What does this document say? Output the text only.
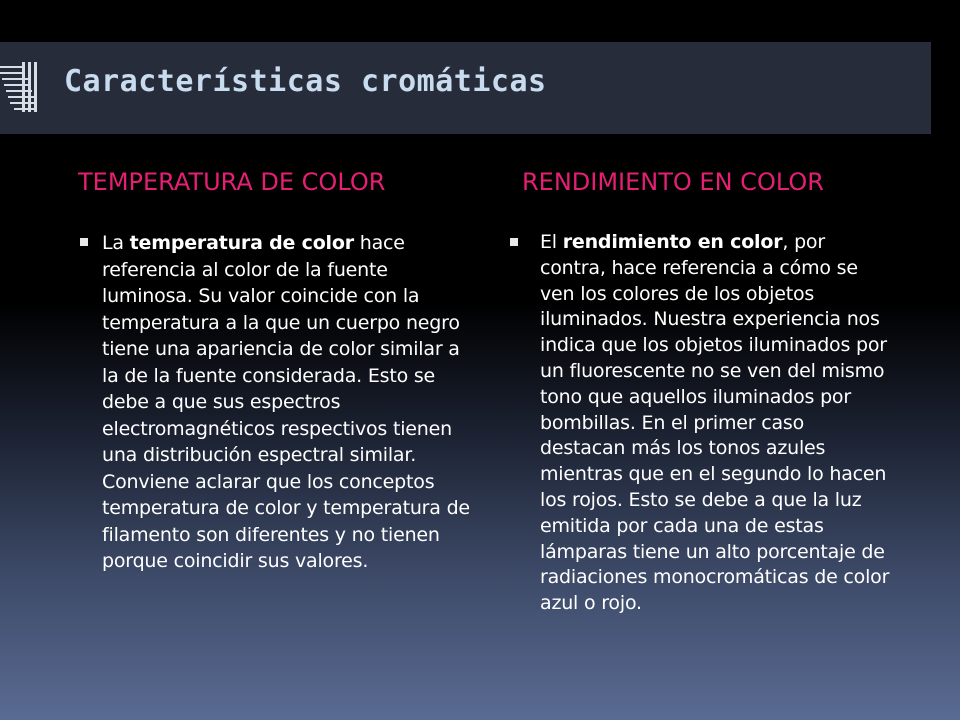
Características cromáticas
TEMPERATURA DE COLOR	RENDIMIENTO EN COLOR

La temperatura de color hace referencia al color de la fuente luminosa. Su valor coincide con la temperatura a la que un cuerpo negro tiene una apariencia de color similar a la de la fuente considerada. Esto se debe a que sus espectros electromagnéticos respectivos tienen una distribución espectral similar. Conviene aclarar que los conceptos temperatura de color y temperatura de filamento son diferentes y no tienen porque coincidir sus valores.

El rendimiento en color, por contra, hace referencia a cómo se ven los colores de los objetos iluminados. Nuestra experiencia nos indica que los objetos iluminados por un fluorescente no se ven del mismo tono que aquellos iluminados por bombillas. En el primer caso destacan más los tonos azules mientras que en el segundo lo hacen los rojos. Esto se debe a que la luz emitida por cada una de estas lámparas tiene un alto porcentaje de radiaciones monocromáticas de color azul o rojo.
